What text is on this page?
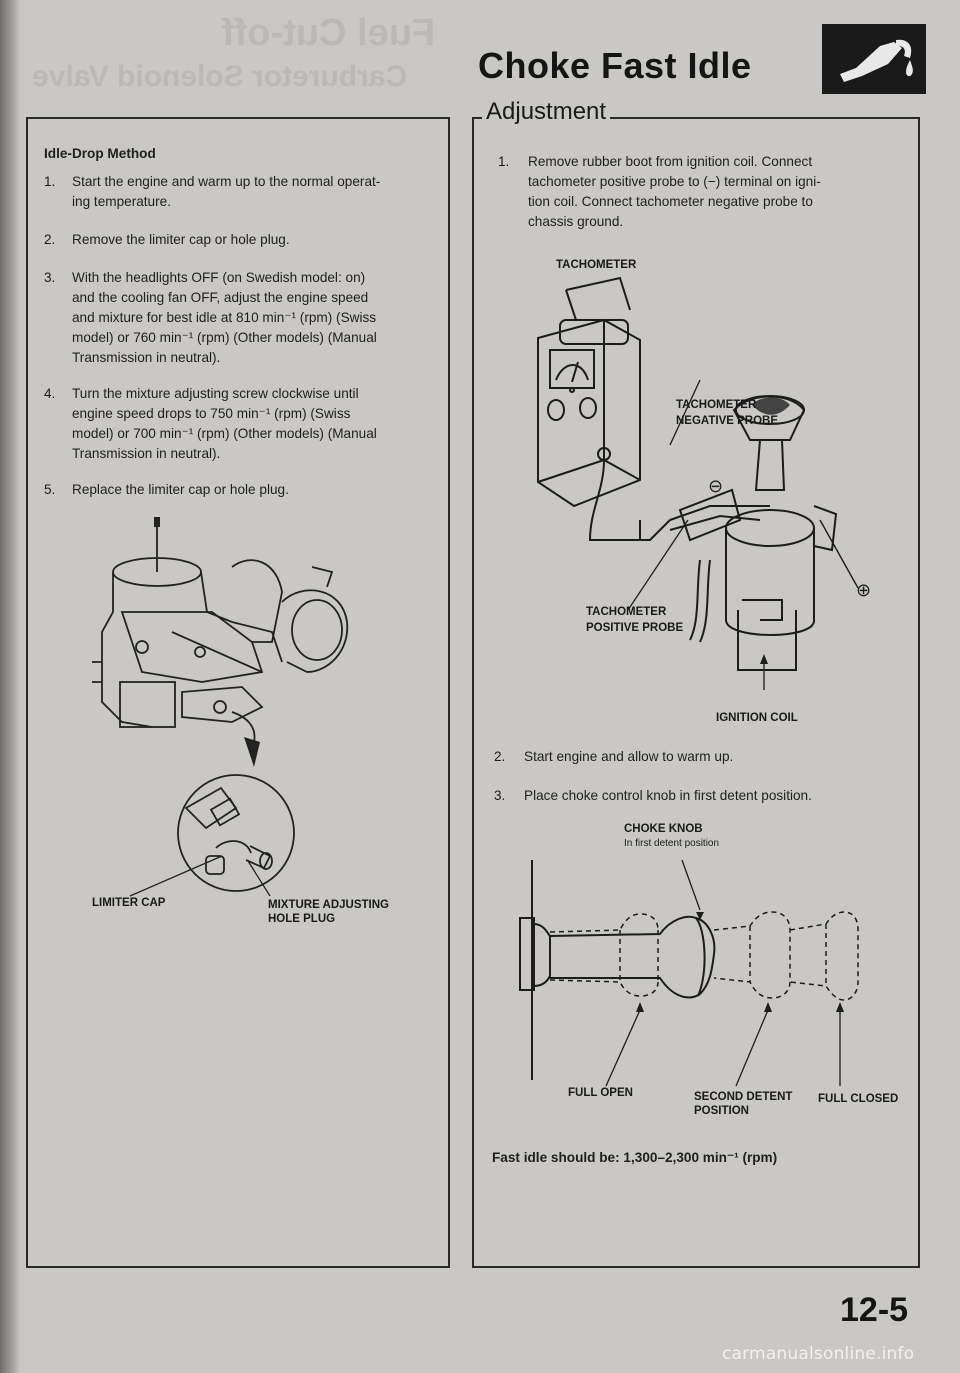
Fuel Cut-off
Carburetor Solenoid Valve Choke Fast Idle
Adjustment
Idle-Drop Method
1. Start the engine and warm up to the normal operat-
ing temperature.
2. Remove the limiter cap or hole plug.
3. With the headlights OFF (on Swedish model: on)
and the cooling fan OFF, adjust the engine speed
and mixture for best idle at 810 min⁻¹ (rpm) (Swiss
model) or 760 min⁻¹ (rpm) (Other models) (Manual
Transmission in neutral).
4. Turn the mixture adjusting screw clockwise until
engine speed drops to 750 min⁻¹ (rpm) (Swiss
model) or 700 min⁻¹ (rpm) (Other models) (Manual
Transmission in neutral).
5. Replace the limiter cap or hole plug.
LIMITER CAP	MIXTURE ADJUSTING
HOLE PLUG
1. Remove rubber boot from ignition coil. Connect
tachometer positive probe to (−) terminal on igni-
tion coil. Connect tachometer negative probe to
chassis ground.
TACHOMETER
TACHOMETER
NEGATIVE PROBE
TACHOMETER
POSITIVE PROBE
IGNITION COIL
⊖
⊕
2. Start engine and allow to warm up.
3. Place choke control knob in first detent position.
CHOKE KNOB
In first detent position
FULL OPEN	SECOND DETENT
POSITION
FULL CLOSED
Fast idle should be: 1,300–2,300 min⁻¹ (rpm)
12-5
carmanualsonline.info
